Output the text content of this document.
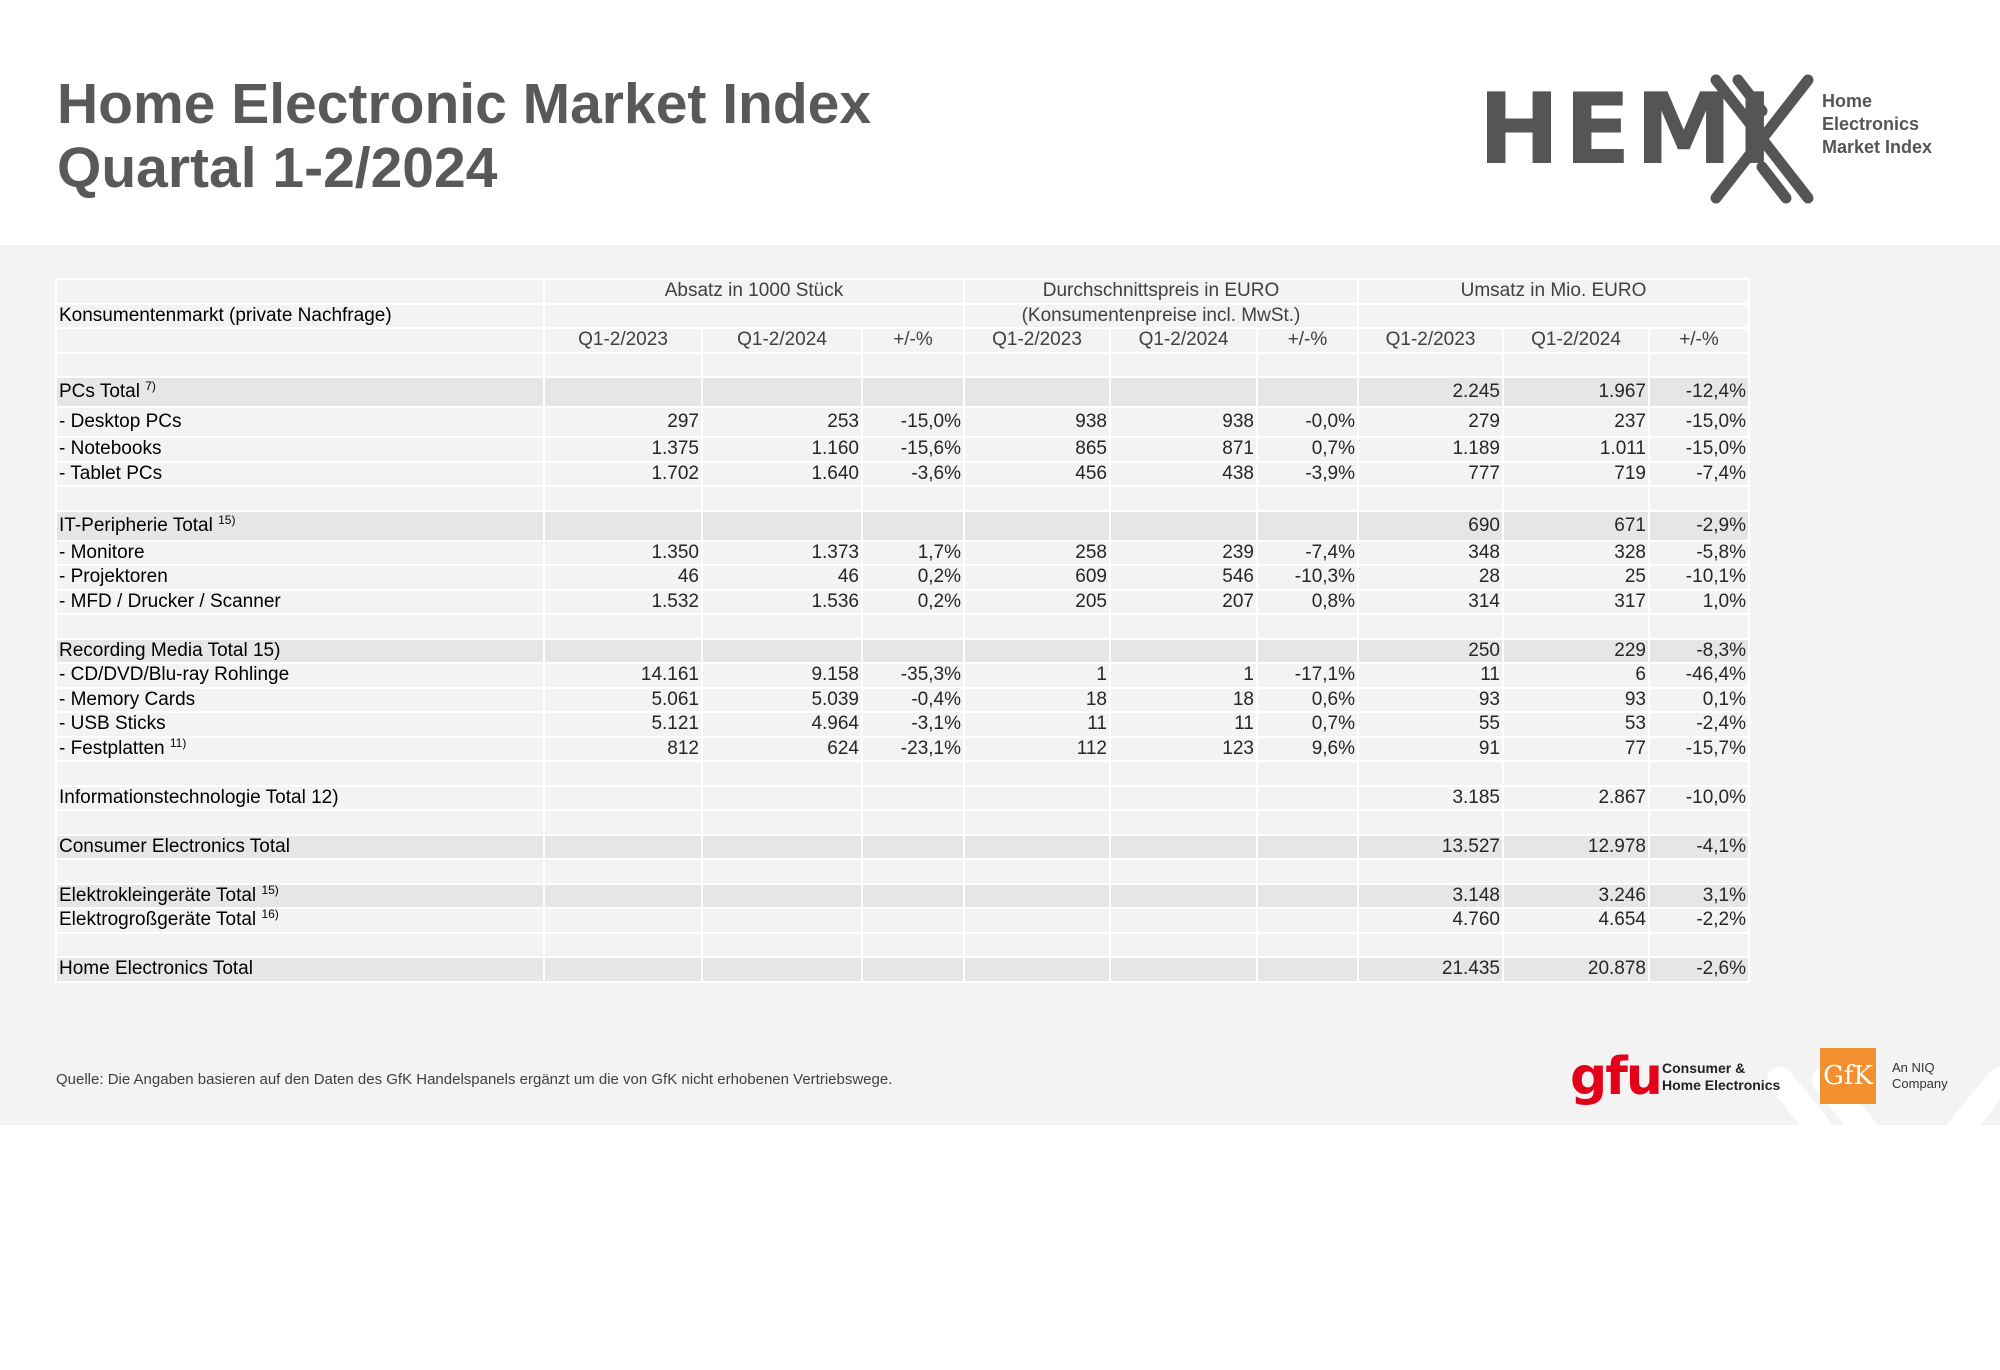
Home Electronic Market Index
Quartal 1-2/2024	HEMI	Home
Electronics
Market Index
	Absatz in 1000 Stück			Durchschnittspreis in EURO			Umsatz in Mio. EURO		
Konsumentenmarkt (private Nachfrage)				(Konsumentenpreise incl. MwSt.)					
	Q1-2/2023	Q1-2/2024	+/-%	Q1-2/2023	Q1-2/2024	+/-%	Q1-2/2023	Q1-2/2024	+/-%

PCs Total $^{7)}$							2.245	1.967	-12,4%
- Desktop PCs	297	253	-15,0%	938	938	-0,0%	279	237	-15,0%
- Notebooks	1.375	1.160	-15,6%	865	871	0,7%	1.189	1.011	-15,0%
- Tablet PCs	1.702	1.640	-3,6%	456	438	-3,9%	777	719	-7,4%

IT-Peripherie Total $^{15)}$							690	671	-2,9%
- Monitore	1.350	1.373	1,7%	258	239	-7,4%	348	328	-5,8%
- Projektoren	46	46	0,2%	609	546	-10,3%	28	25	-10,1%
- MFD / Drucker / Scanner	1.532	1.536	0,2%	205	207	0,8%	314	317	1,0%

Recording Media Total 15)							250	229	-8,3%
- CD/DVD/Blu-ray Rohlinge	14.161	9.158	-35,3%	1	1	-17,1%	11	6	-46,4%
- Memory Cards	5.061	5.039	-0,4%	18	18	0,6%	93	93	0,1%
- USB Sticks	5.121	4.964	-3,1%	11	11	0,7%	55	53	-2,4%
- Festplatten $^{11)}$	812	624	-23,1%	112	123	9,6%	91	77	-15,7%

Informationstechnologie Total 12)							3.185	2.867	-10,0%

Consumer Electronics Total							13.527	12.978	-4,1%

Elektrokleingeräte Total $^{15)}$							3.148	3.246	3,1%
Elektrogroßgeräte Total $^{16)}$							4.760	4.654	-2,2%

Home Electronics Total							21.435	20.878	-2,6%
Quelle: Die Angaben basieren auf den Daten des GfK Handelspanels ergänzt um die von GfK nicht erhobenen Vertriebswege.	gfu Consumer &
Home Electronics GfK An NIQ
Company
